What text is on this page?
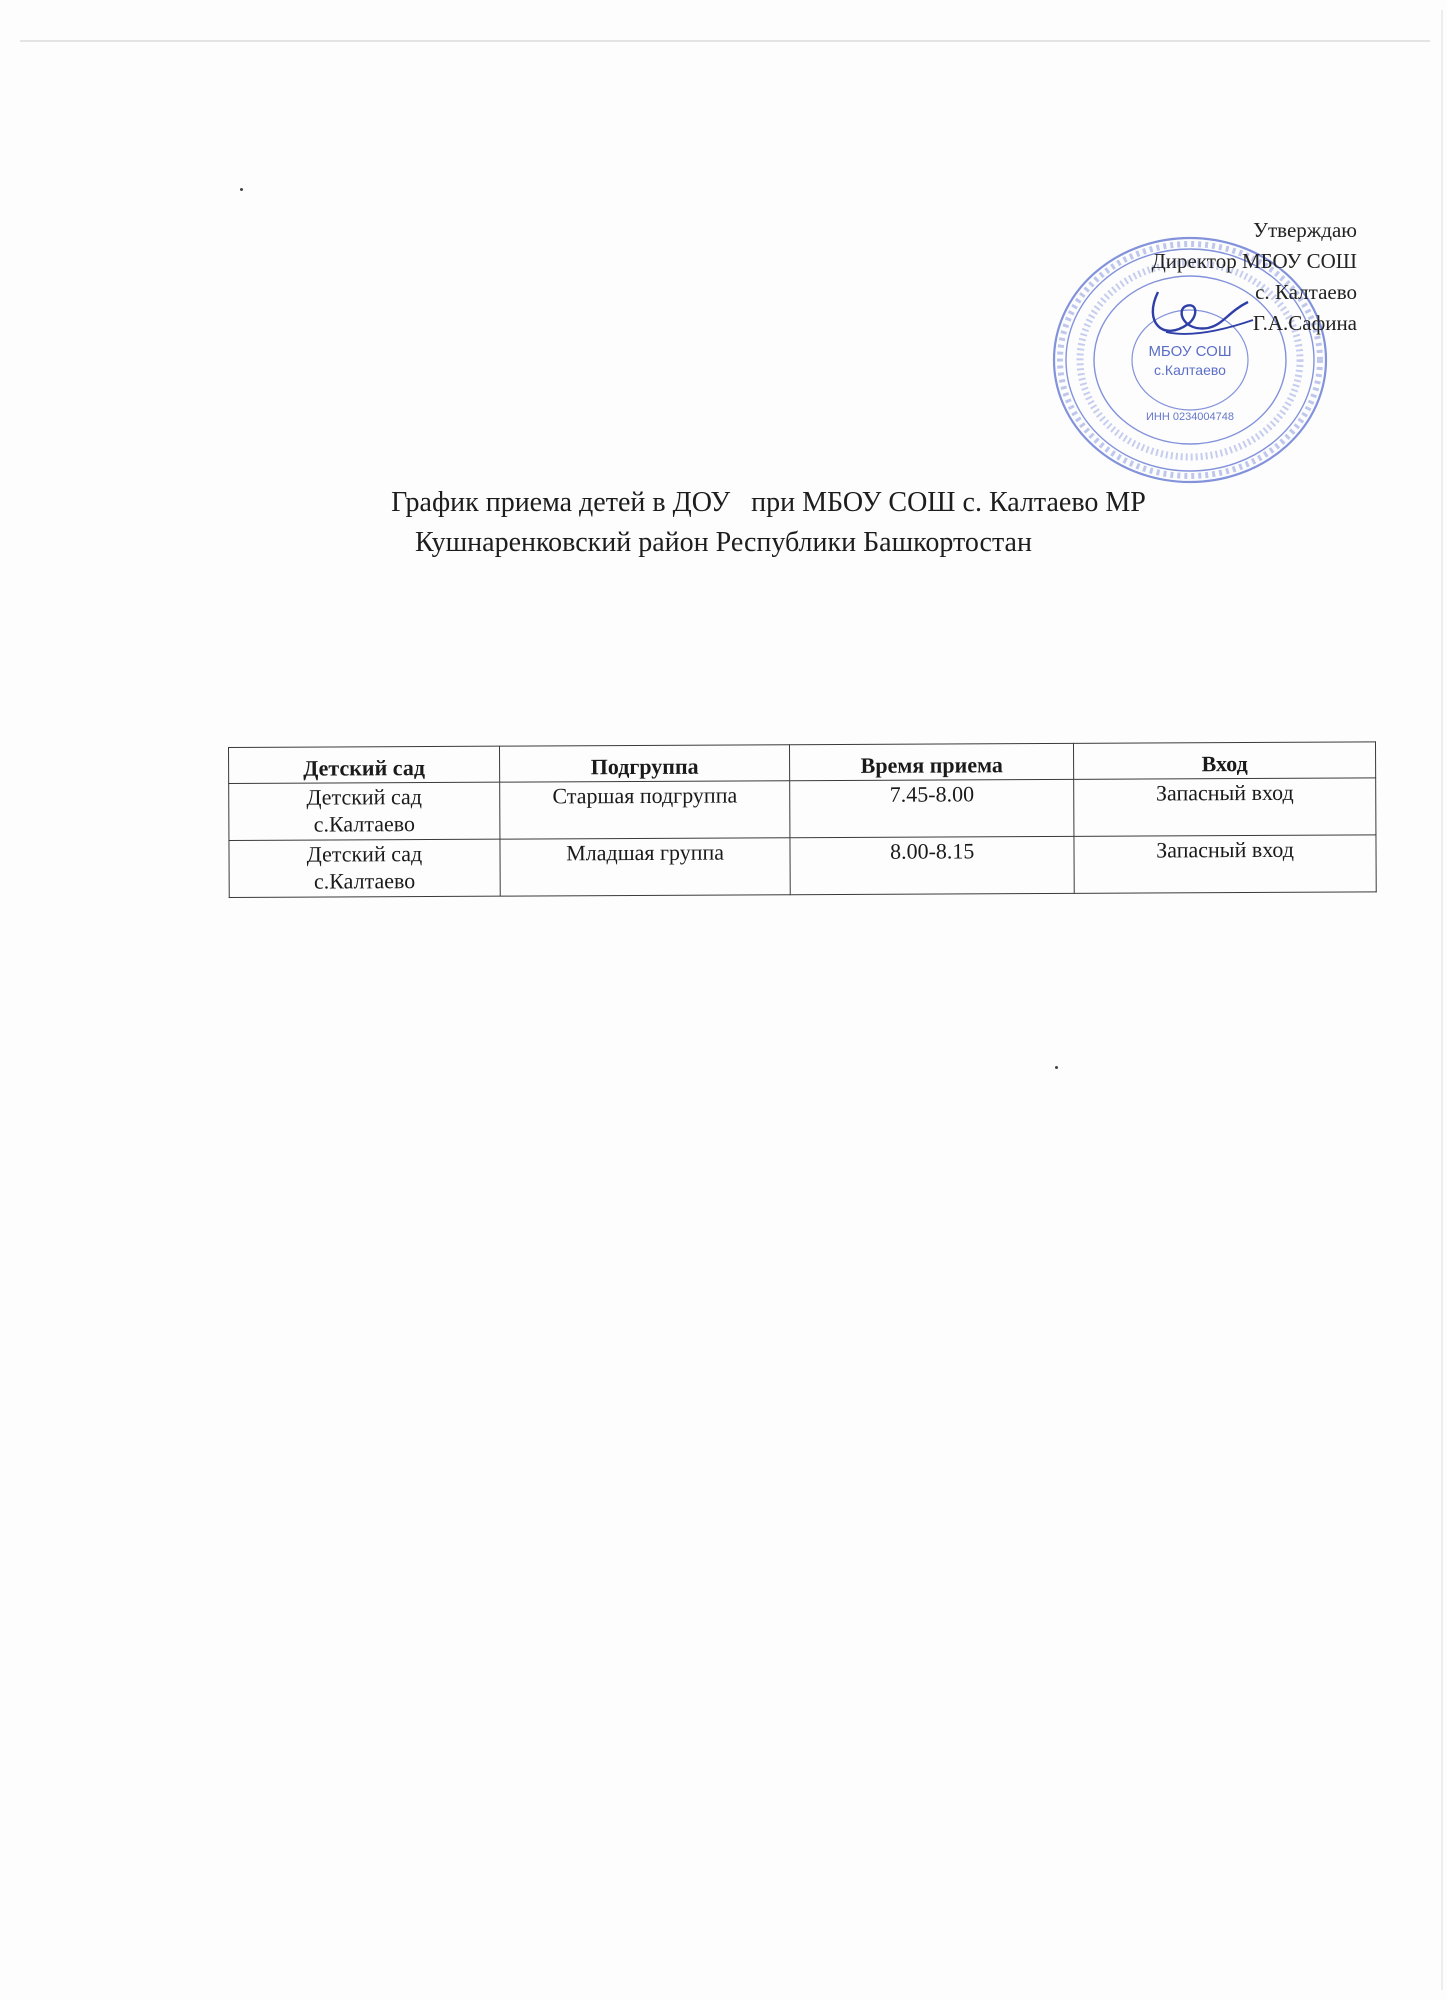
МБОУ СОШ
с.Калтаево
ИНН 0234004748
Утверждаю
Директор МБОУ СОШ
с. Калтаево
Г.А.Сафина
График приема детей в ДОУ   при МБОУ СОШ с. Калтаево МР
Кушнаренковский район Республики Башкортостан
Детский сад	Подгруппа	Время приема	Вход

Детский сад
с.Калтаево	Старшая подгруппа	7.45-8.00	Запасный вход

Детский сад
с.Калтаево	Младшая группа	8.00-8.15	Запасный вход
